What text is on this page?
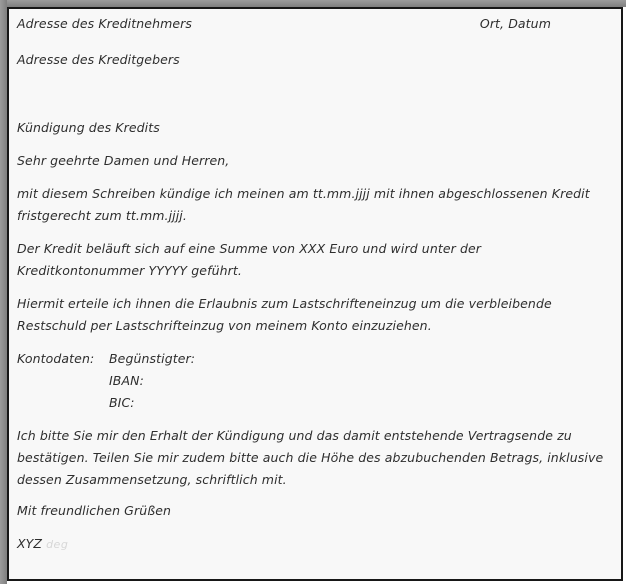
Adresse des Kreditnehmers	Ort, Datum
Adresse des Kreditgebers
Kündigung des Kredits
Sehr geehrte Damen und Herren,
mit diesem Schreiben kündige ich meinen am tt.mm.jjjj mit ihnen abgeschlossenen Kredit fristgerecht zum tt.mm.jjjj.
Der Kredit beläuft sich auf eine Summe von XXX Euro und wird unter der Kreditkontonummer YYYYY geführt.
Hiermit erteile ich ihnen die Erlaubnis zum Lastschrifteneinzug um die verbleibende Restschuld per Lastschrifteinzug von meinem Konto einzuziehen.
Kontodaten:	Begünstigter:
IBAN:
BIC:
Ich bitte Sie mir den Erhalt der Kündigung und das damit entstehende Vertragsende zu bestätigen. Teilen Sie mir zudem bitte auch die Höhe des abzubuchenden Betrags, inklusive dessen Zusammensetzung, schriftlich mit.
Mit freundlichen Grüßen
XYZ deg
